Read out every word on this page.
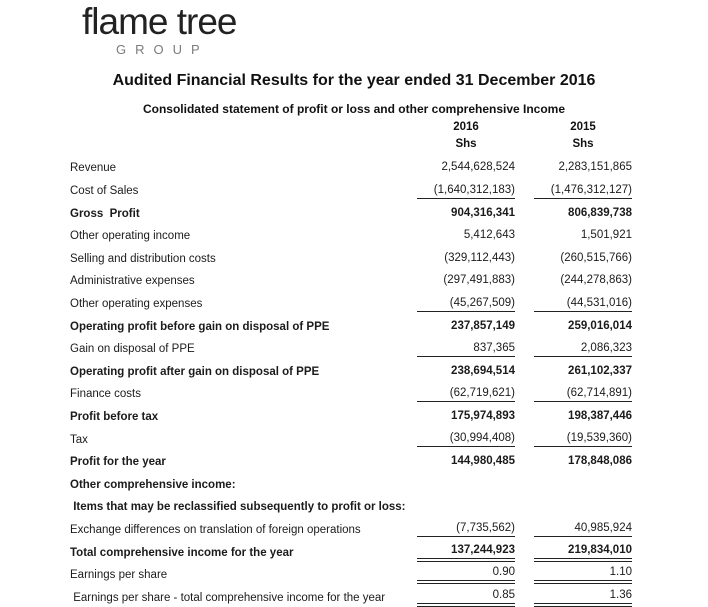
flame tree
GROUP
Audited Financial Results for the year ended 31 December 2016
Consolidated statement of profit or loss and other comprehensive Income
2016	2015
Shs	Shs
Revenue	2,544,628,524	2,283,151,865
Cost of Sales	(1,640,312,183)	(1,476,312,127)
Gross  Profit	904,316,341	806,839,738
Other operating income	5,412,643	1,501,921
Selling and distribution costs	(329,112,443)	(260,515,766)
Administrative expenses	(297,491,883)	(244,278,863)
Other operating expenses	(45,267,509)	(44,531,016)
Operating profit before gain on disposal of PPE	237,857,149	259,016,014
Gain on disposal of PPE	837,365	2,086,323
Operating profit after gain on disposal of PPE	238,694,514	261,102,337
Finance costs	(62,719,621)	(62,714,891)
Profit before tax	175,974,893	198,387,446
Tax	(30,994,408)	(19,539,360)
Profit for the year	144,980,485	178,848,086
Other comprehensive income:
Items that may be reclassified subsequently to profit or loss:
Exchange differences on translation of foreign operations	(7,735,562)	40,985,924
Total comprehensive income for the year	137,244,923	219,834,010
Earnings per share	0.90	1.10
Earnings per share - total comprehensive income for the year	0.85	1.36
